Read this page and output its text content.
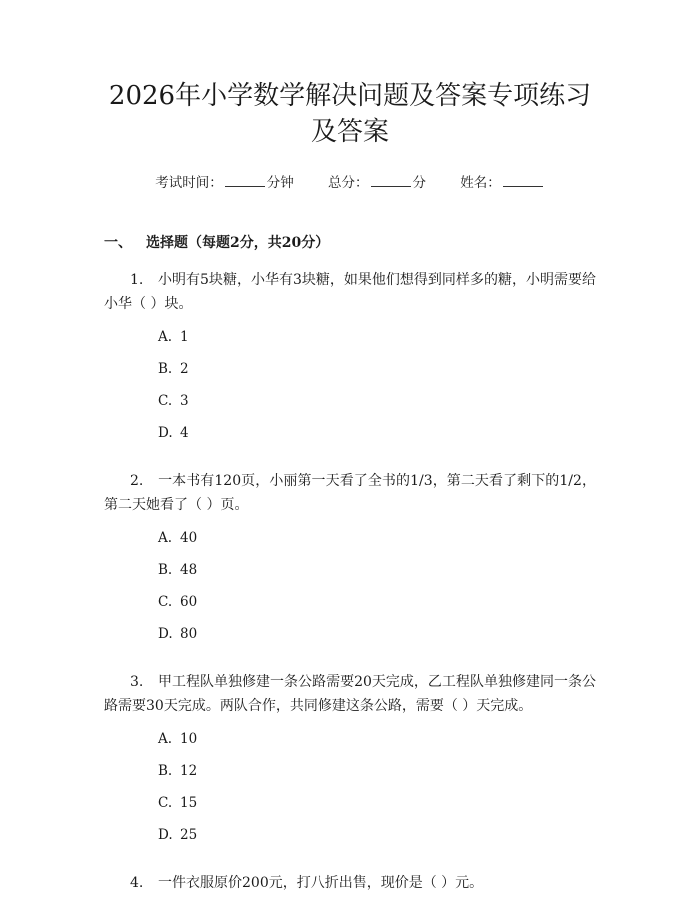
2026年小学数学解决问题及答案专项练习及答案
考试时间：	分钟	总分：	分	姓名：
一、 选择题（每题2分，共20分）
1. 小明有5块糖，小华有3块糖，如果他们想得到同样多的糖，小明需要给小华（ ）块。
A. 1
B. 2
C. 3
D. 4
2. 一本书有120页，小丽第一天看了全书的1/3，第二天看了剩下的1/2，第二天她看了（ ）页。
A. 40
B. 48
C. 60
D. 80
3. 甲工程队单独修建一条公路需要20天完成，乙工程队单独修建同一条公路需要30天完成。两队合作，共同修建这条公路，需要（ ）天完成。
A. 10
B. 12
C. 15
D. 25
4. 一件衣服原价200元，打八折出售，现价是（ ）元。
